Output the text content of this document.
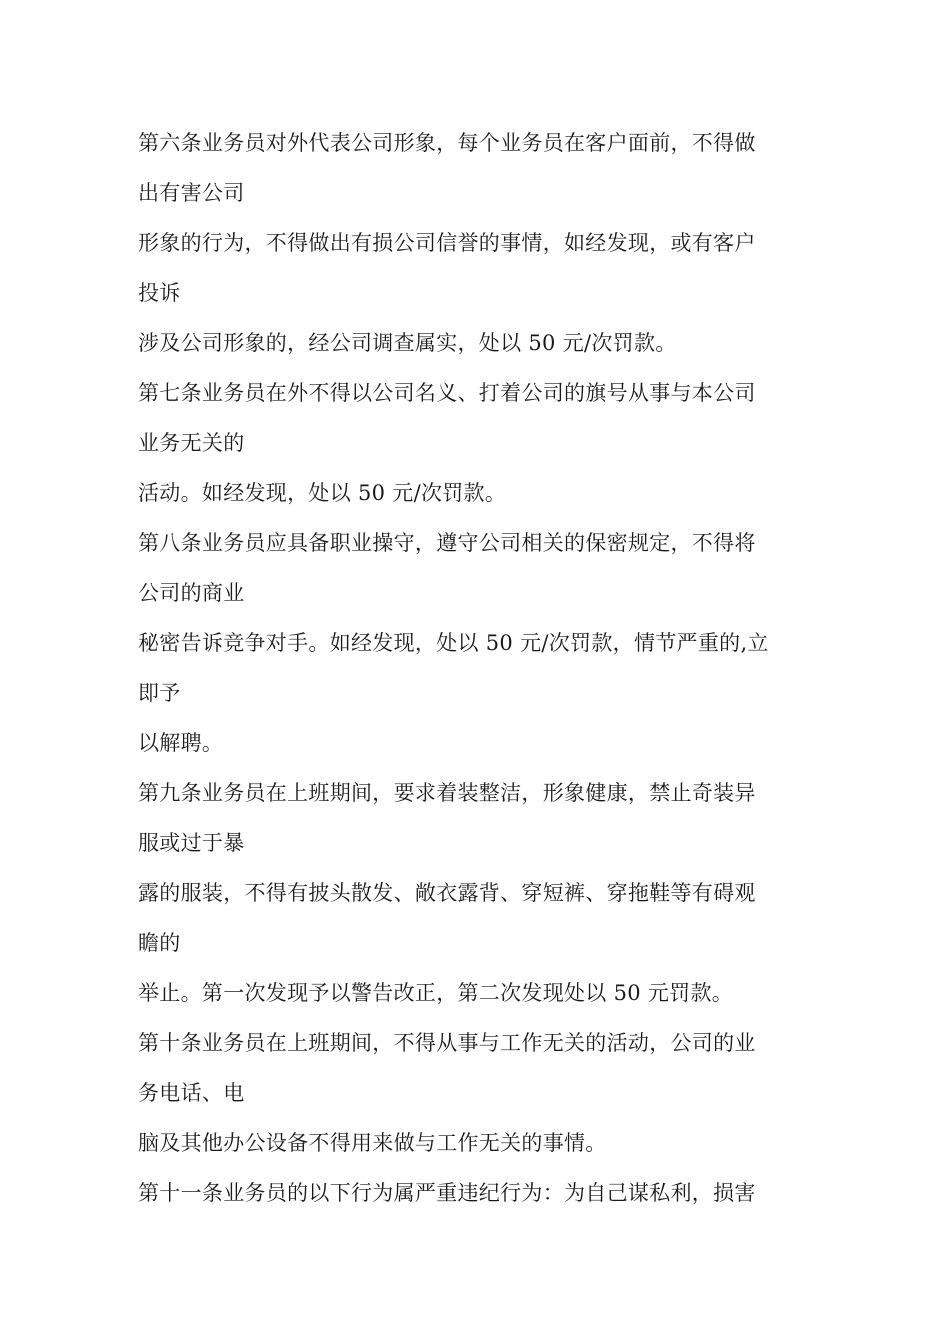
第六条业务员对外代表公司形象，每个业务员在客户面前，不得做
出有害公司
形象的行为，不得做出有损公司信誉的事情，如经发现，或有客户
投诉
涉及公司形象的，经公司调查属实，处以 50 元/次罚款。
第七条业务员在外不得以公司名义、打着公司的旗号从事与本公司
业务无关的
活动。如经发现，处以 50 元/次罚款。
第八条业务员应具备职业操守，遵守公司相关的保密规定，不得将
公司的商业
秘密告诉竞争对手。如经发现，处以 50 元/次罚款，情节严重的,立
即予
以解聘。
第九条业务员在上班期间，要求着装整洁，形象健康，禁止奇装异
服或过于暴
露的服装，不得有披头散发、敞衣露背、穿短裤、穿拖鞋等有碍观
瞻的
举止。第一次发现予以警告改正，第二次发现处以 50 元罚款。
第十条业务员在上班期间，不得从事与工作无关的活动，公司的业
务电话、电
脑及其他办公设备不得用来做与工作无关的事情。
第十一条业务员的以下行为属严重违纪行为：为自己谋私利，损害
